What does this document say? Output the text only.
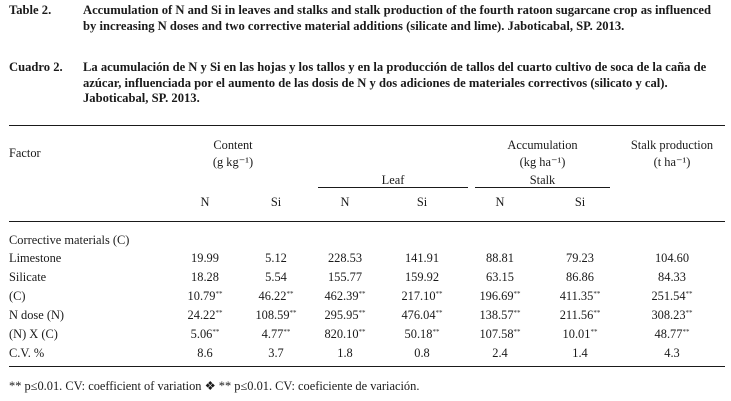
Table 2.	Accumulation of N and Si in leaves and stalks and stalk production of the fourth ratoon sugarcane crop as influenced by increasing N doses and two corrective material additions (silicate and lime). Jaboticabal, SP. 2013.
Cuadro 2.	La acumulación de N y Si en las hojas y los tallos y en la producción de tallos del cuarto cultivo de soca de la caña de azúcar, influenciada por el aumento de las dosis de N y dos adiciones de materiales correctivos (silicato y cal). Jaboticabal, SP. 2013.
Factor
Content
(g kg⁻¹)
Accumulation
(kg ha⁻¹)
Stalk production
(t ha⁻¹)
Leaf	Stalk
N	Si	N	Si	N	Si
Corrective materials (C)
Limestone	19.99	5.12	228.53	141.91	88.81	79.23	104.60
Silicate	18.28	5.54	155.77	159.92	63.15	86.86	84.33
(C)	10.79**	46.22**	462.39**	217.10**	196.69**	411.35**	251.54**
N dose (N)	24.22**	108.59**	295.95**	476.04**	138.57**	211.56**	308.23**
(N) X (C)	5.06**	4.77**	820.10**	50.18**	107.58**	10.01**	48.77**
C.V. %	8.6	3.7	1.8	0.8	2.4	1.4	4.3
** p≤0.01. CV: coefficient of variation ❖ ** p≤0.01. CV: coeficiente de variación.
